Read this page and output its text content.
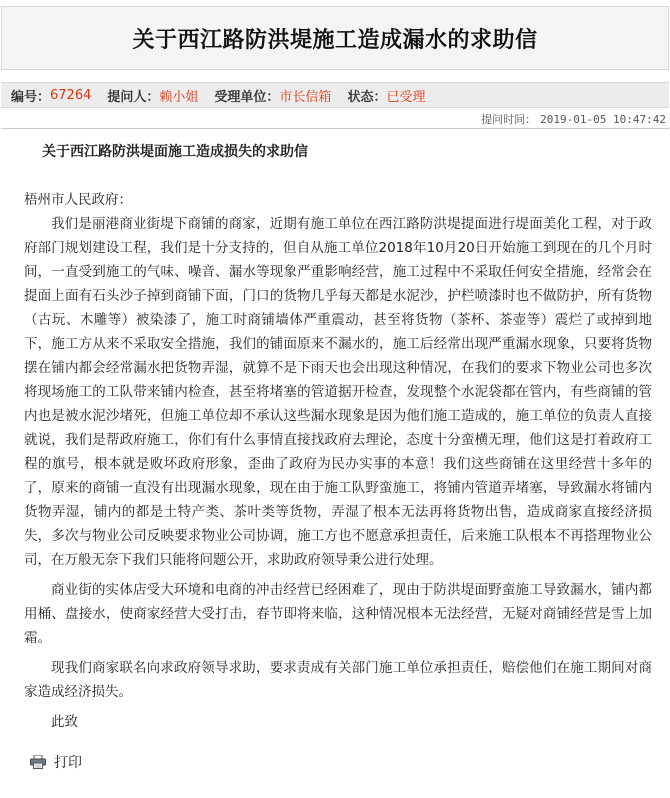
关于西江路防洪堤施工造成漏水的求助信
编号： 67264 提问人： 赖小姐 受理单位： 市长信箱 状态： 已受理
提问时间： 2019-01-05 10:47:42
关于西江路防洪堤面施工造成损失的求助信
梧州市人民政府：

我们是丽港商业街堤下商铺的商家，近期有施工单位在西江路防洪堤提面进行堤面美化工程，对于政府部门规划建设工程，我们是十分支持的，但自从施工单位2018年10月20日开始施工到现在的几个月时间，一直受到施工的气味、噪音、漏水等现象严重影响经营，施工过程中不采取任何安全措施，经常会在提面上面有石头沙子掉到商铺下面，门口的货物几乎每天都是水泥沙，护栏喷漆时也不做防护，所有货物（古玩、木雕等）被染漆了，施工时商铺墙体严重震动，甚至将货物（茶杯、茶壶等）震烂了或掉到地下，施工方从来不采取安全措施，我们的铺面原来不漏水的，施工后经常出现严重漏水现象，只要将货物摆在铺内都会经常漏水把货物弄湿，就算不是下雨天也会出现这种情况，在我们的要求下物业公司也多次将现场施工的工队带来铺内检查，甚至将堵塞的管道据开检查，发现整个水泥袋都在管内，有些商铺的管内也是被水泥沙堵死，但施工单位却不承认这些漏水现象是因为他们施工造成的，施工单位的负责人直接就说，我们是帮政府施工，你们有什么事情直接找政府去理论，态度十分蛮横无理，他们这是打着政府工程的旗号，根本就是败坏政府形象，歪曲了政府为民办实事的本意！我们这些商铺在这里经营十多年的了，原来的商铺一直没有出现漏水现象，现在由于施工队野蛮施工，将铺内管道弄堵塞，导致漏水将铺内货物弄湿，铺内的都是土特产类、茶叶类等货物，弄湿了根本无法再将货物出售，造成商家直接经济损失，多次与物业公司反映要求物业公司协调，施工方也不愿意承担责任，后来施工队根本不再搭理物业公司，在万般无奈下我们只能将问题公开，求助政府领导秉公进行处理。

商业街的实体店受大环境和电商的冲击经营已经困难了，现由于防洪堤面野蛮施工导致漏水，铺内都用桶、盘接水，使商家经营大受打击，春节即将来临，这种情况根本无法经营，无疑对商铺经营是雪上加霜。

现我们商家联名向求政府领导求助，要求责成有关部门施工单位承担责任，赔偿他们在施工期间对商家造成经济损失。

此致
打印
